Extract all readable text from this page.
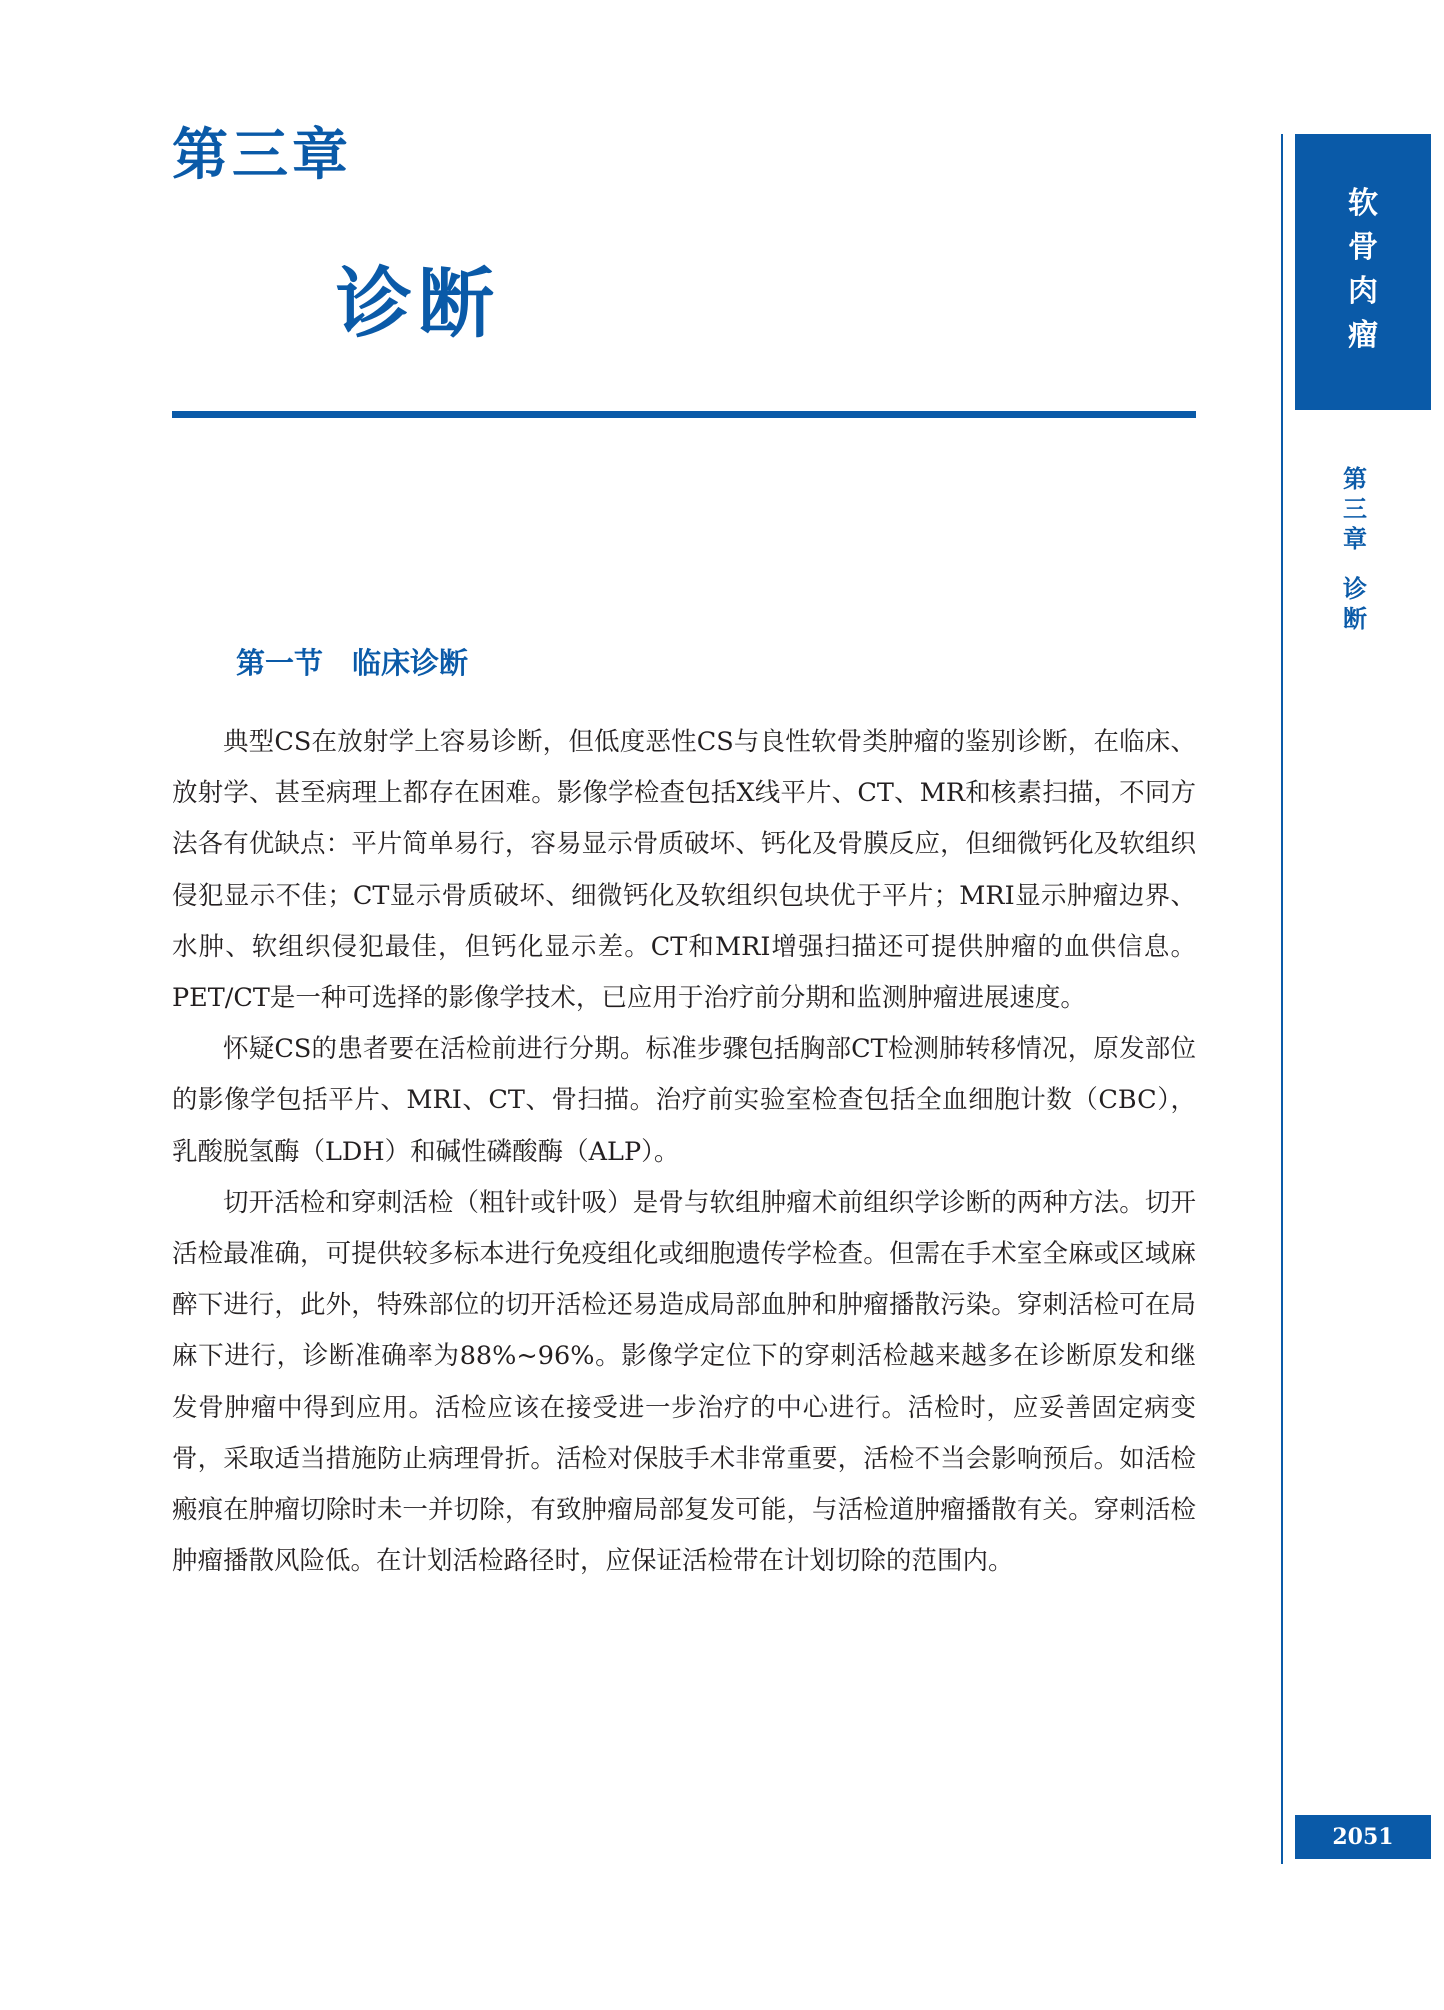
第三章
诊断
软骨肉瘤
第三章
诊断
第一节　临床诊断

典型CS在放射学上容易诊断，但低度恶性CS与良性软骨类肿瘤的鉴别诊断，在临床、放射学、甚至病理上都存在困难。影像学检查包括X线平片、CT、MR和核素扫描，不同方法各有优缺点：平片简单易行，容易显示骨质破坏、钙化及骨膜反应，但细微钙化及软组织侵犯显示不佳；CT显示骨质破坏、细微钙化及软组织包块优于平片；MRI显示肿瘤边界、水肿、软组织侵犯最佳，但钙化显示差。CT和MRI增强扫描还可提供肿瘤的血供信息。PET/CT是一种可选择的影像学技术，已应用于治疗前分期和监测肿瘤进展速度。

怀疑CS的患者要在活检前进行分期。标准步骤包括胸部CT检测肺转移情况，原发部位的影像学包括平片、MRI、CT、骨扫描。治疗前实验室检查包括全血细胞计数（CBC），乳酸脱氢酶（LDH）和碱性磷酸酶（ALP）。

切开活检和穿刺活检（粗针或针吸）是骨与软组肿瘤术前组织学诊断的两种方法。切开活检最准确，可提供较多标本进行免疫组化或细胞遗传学检查。但需在手术室全麻或区域麻醉下进行，此外，特殊部位的切开活检还易造成局部血肿和肿瘤播散污染。穿刺活检可在局麻下进行，诊断准确率为88%~96%。影像学定位下的穿刺活检越来越多在诊断原发和继发骨肿瘤中得到应用。活检应该在接受进一步治疗的中心进行。活检时，应妥善固定病变骨，采取适当措施防止病理骨折。活检对保肢手术非常重要，活检不当会影响预后。如活检瘢痕在肿瘤切除时未一并切除，有致肿瘤局部复发可能，与活检道肿瘤播散有关。穿刺活检肿瘤播散风险低。在计划活检路径时，应保证活检带在计划切除的范围内。

2051
